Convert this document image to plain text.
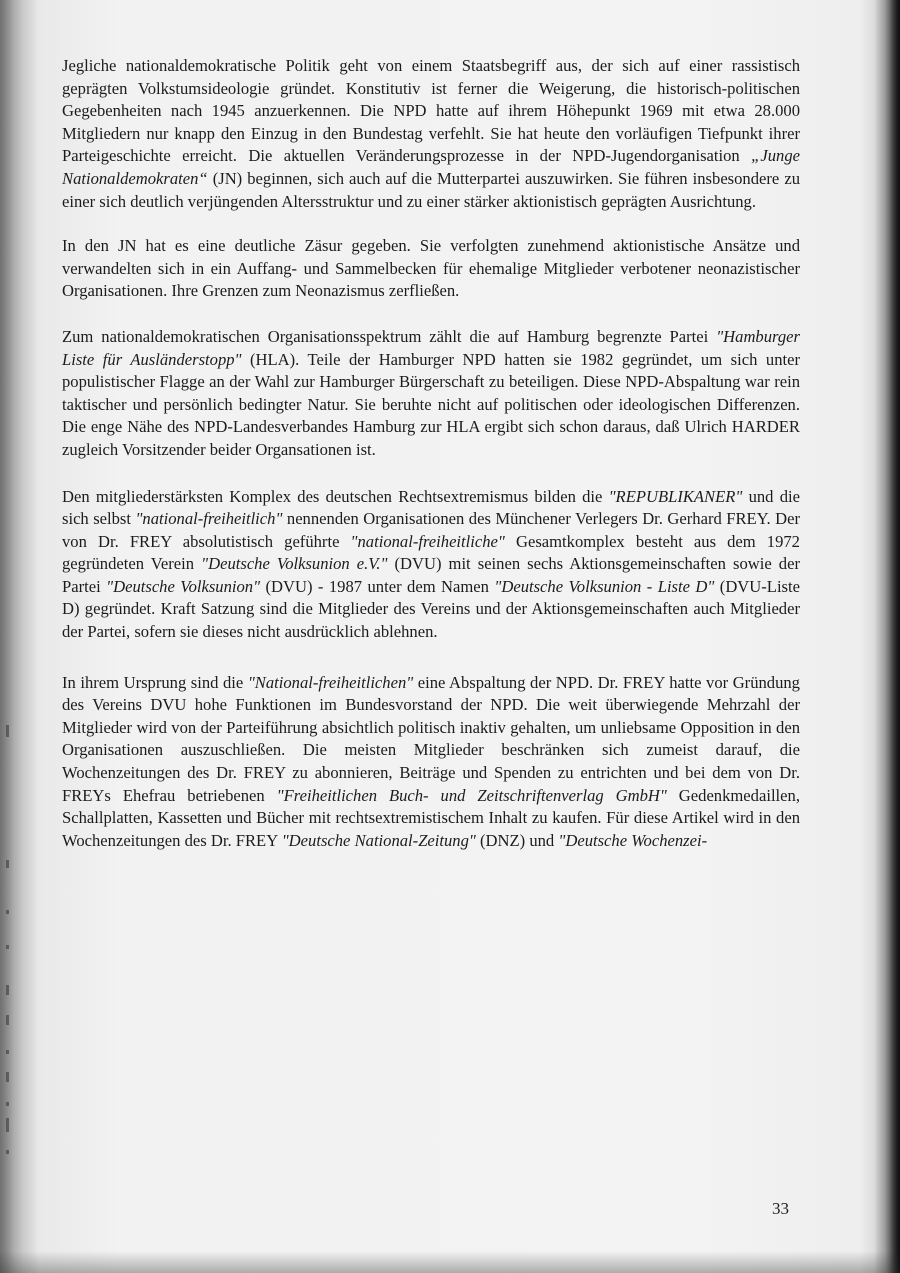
Jegliche nationaldemokratische Politik geht von einem Staatsbegriff aus, der sich auf einer rassistisch geprägten Volkstumsideologie gründet. Konstitutiv ist ferner die Weigerung, die historisch-politischen Gegebenheiten nach 1945 anzuerkennen. Die NPD hatte auf ihrem Höhepunkt 1969 mit etwa 28.000 Mitgliedern nur knapp den Einzug in den Bundestag verfehlt. Sie hat heute den vorläufigen Tiefpunkt ihrer Parteigeschichte erreicht. Die aktuellen Veränderungsprozesse in der NPD-Jugendorganisation „Junge Nationaldemokraten“ (JN) beginnen, sich auch auf die Mutterpartei auszuwirken. Sie führen insbesondere zu einer sich deutlich verjüngenden Altersstruktur und zu einer stärker aktionistisch geprägten Ausrichtung.

In den JN hat es eine deutliche Zäsur gegeben. Sie verfolgten zunehmend aktionistische Ansätze und verwandelten sich in ein Auffang- und Sammelbecken für ehemalige Mitglieder verbotener neonazistischer Organisationen. Ihre Grenzen zum Neonazismus zerfließen.

Zum nationaldemokratischen Organisationsspektrum zählt die auf Hamburg begrenzte Partei "Hamburger Liste für Ausländerstopp" (HLA). Teile der Hamburger NPD hatten sie 1982 gegründet, um sich unter populistischer Flagge an der Wahl zur Hamburger Bürgerschaft zu beteiligen. Diese NPD-Abspaltung war rein taktischer und persönlich bedingter Natur. Sie beruhte nicht auf politischen oder ideologischen Differenzen. Die enge Nähe des NPD-Landesverbandes Hamburg zur HLA ergibt sich schon daraus, daß Ulrich HARDER zugleich Vorsitzender beider Organsationen ist.

Den mitgliederstärksten Komplex des deutschen Rechtsextremismus bilden die "REPUBLIKANER" und die sich selbst "national-freiheitlich" nennenden Organisationen des Münchener Verlegers Dr. Gerhard FREY. Der von Dr. FREY absolutistisch geführte "national-freiheitliche" Gesamtkomplex besteht aus dem 1972 gegründeten Verein "Deutsche Volksunion e.V." (DVU) mit seinen sechs Aktionsgemeinschaften sowie der Partei "Deutsche Volksunion" (DVU) - 1987 unter dem Namen "Deutsche Volksunion - Liste D" (DVU-Liste D) gegründet. Kraft Satzung sind die Mitglieder des Vereins und der Aktionsgemeinschaften auch Mitglieder der Partei, sofern sie dieses nicht ausdrücklich ablehnen.

In ihrem Ursprung sind die "National-freiheitlichen" eine Abspaltung der NPD. Dr. FREY hatte vor Gründung des Vereins DVU hohe Funktionen im Bundesvorstand der NPD. Die weit überwiegende Mehrzahl der Mitglieder wird von der Parteiführung absichtlich politisch inaktiv gehalten, um unliebsame Opposition in den Organisationen auszuschließen. Die meisten Mitglieder beschränken sich zumeist darauf, die Wochenzeitungen des Dr. FREY zu abonnieren, Beiträge und Spenden zu entrichten und bei dem von Dr. FREYs Ehefrau betriebenen "Freiheitlichen Buch- und Zeitschriftenverlag GmbH" Gedenkmedaillen, Schallplatten, Kassetten und Bücher mit rechtsextremistischem Inhalt zu kaufen. Für diese Artikel wird in den Wochenzeitungen des Dr. FREY "Deutsche National-Zeitung" (DNZ) und "Deutsche Wochenzei-

33
